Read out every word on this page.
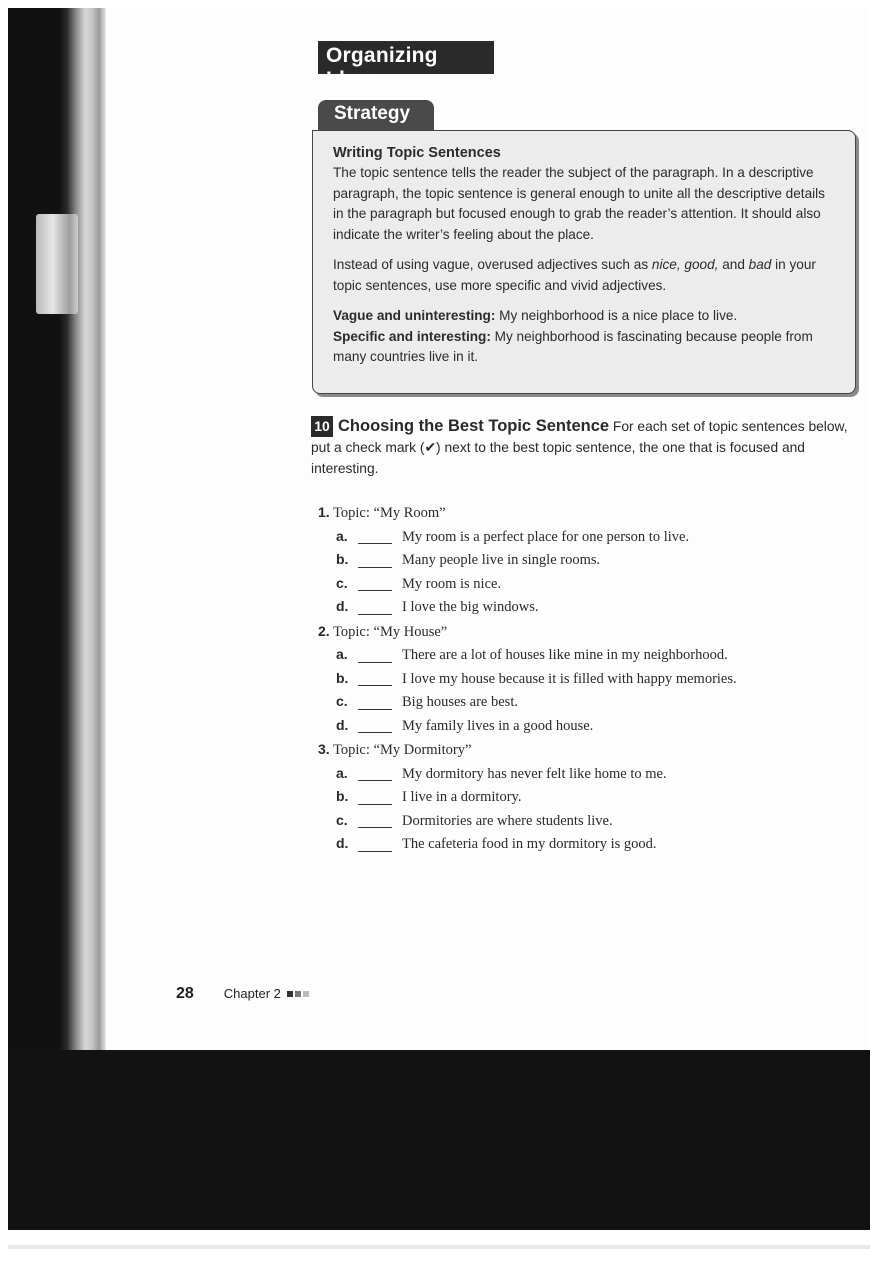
Organizing Ideas
Strategy
Writing Topic Sentences

The topic sentence tells the reader the subject of the paragraph. In a descriptive paragraph, the topic sentence is general enough to unite all the descriptive details in the paragraph but focused enough to grab the reader’s attention. It should also indicate the writer’s feeling about the place.

Instead of using vague, overused adjectives such as nice, good, and bad in your topic sentences, use more specific and vivid adjectives.

Vague and uninteresting: My neighborhood is a nice place to live.

Specific and interesting: My neighborhood is fascinating because people from many countries live in it.

10 Choosing the Best Topic Sentence For each set of topic sentences below, put a check mark (✔) next to the best topic sentence, the one that is focused and interesting.
1. Topic: “My Room”
a.	My room is a perfect place for one person to live.
b.	Many people live in single rooms.
c.	My room is nice.
d.	I love the big windows.
2. Topic: “My House”
a.	There are a lot of houses like mine in my neighborhood.
b.	I love my house because it is filled with happy memories.
c.	Big houses are best.
d.	My family lives in a good house.
3. Topic: “My Dormitory”
a.	My dormitory has never felt like home to me.
b.	I live in a dormitory.
c.	Dormitories are where students live.
d.	The cafeteria food in my dormitory is good.
28 Chapter 2
